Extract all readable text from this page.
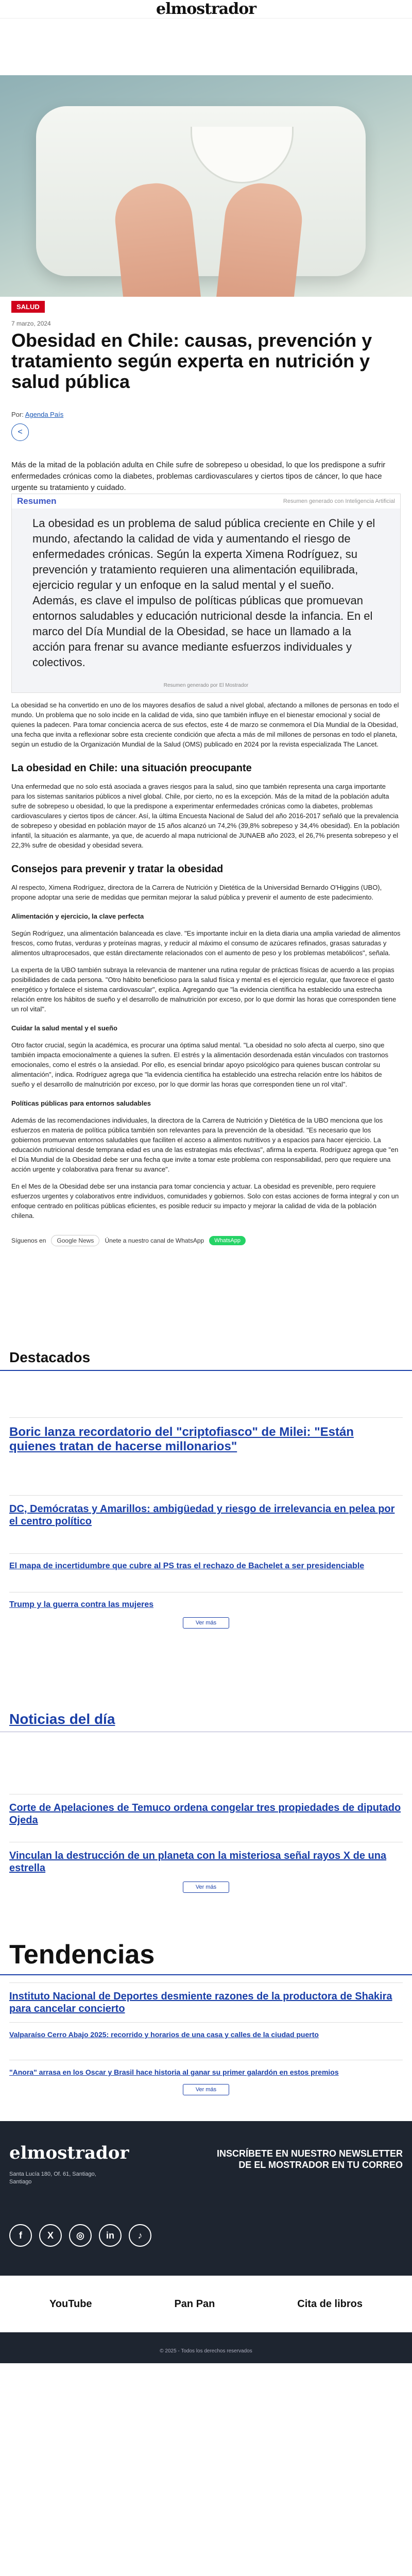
elmostrador
SALUD
7 marzo, 2024
Obesidad en Chile: causas, prevención y tratamiento según experta en nutrición y salud pública
Por: Agenda País
<

Más de la mitad de la población adulta en Chile sufre de sobrepeso u obesidad, lo que los predispone a sufrir enfermedades crónicas como la diabetes, problemas cardiovasculares y ciertos tipos de cáncer, lo que hace urgente su tratamiento y cuidado.

Resumen	Resumen generado con Inteligencia Artificial
La obesidad es un problema de salud pública creciente en Chile y el mundo, afectando la calidad de vida y aumentando el riesgo de enfermedades crónicas. Según la experta Ximena Rodríguez, su prevención y tratamiento requieren una alimentación equilibrada, ejercicio regular y un enfoque en la salud mental y el sueño. Además, es clave el impulso de políticas públicas que promuevan entornos saludables y educación nutricional desde la infancia. En el marco del Día Mundial de la Obesidad, se hace un llamado a la acción para frenar su avance mediante esfuerzos individuales y colectivos.
Resumen generado por El Mostrador

La obesidad se ha convertido en uno de los mayores desafíos de salud a nivel global, afectando a millones de personas en todo el mundo. Un problema que no solo incide en la calidad de vida, sino que también influye en el bienestar emocional y social de quienes la padecen. Para tomar conciencia acerca de sus efectos, este 4 de marzo se conmemora el Día Mundial de la Obesidad, una fecha que invita a reflexionar sobre esta creciente condición que afecta a más de mil millones de personas en todo el planeta, según un estudio de la Organización Mundial de la Salud (OMS) publicado en 2024 por la revista especializada The Lancet.

La obesidad en Chile: una situación preocupante

Una enfermedad que no solo está asociada a graves riesgos para la salud, sino que también representa una carga importante para los sistemas sanitarios públicos a nivel global. Chile, por cierto, no es la excepción. Más de la mitad de la población adulta sufre de sobrepeso u obesidad, lo que la predispone a experimentar enfermedades crónicas como la diabetes, problemas cardiovasculares y ciertos tipos de cáncer. Así, la última Encuesta Nacional de Salud del año 2016-2017 señaló que la prevalencia de sobrepeso y obesidad en población mayor de 15 años alcanzó un 74,2% (39,8% sobrepeso y 34,4% obesidad). En la población infantil, la situación es alarmante, ya que, de acuerdo al mapa nutricional de JUNAEB año 2023, el 26,7% presenta sobrepeso y el 22,3% sufre de obesidad y obesidad severa.

Consejos para prevenir y tratar la obesidad

Al respecto, Ximena Rodríguez, directora de la Carrera de Nutrición y Dietética de la Universidad Bernardo O'Higgins (UBO), propone adoptar una serie de medidas que permitan mejorar la salud pública y prevenir el aumento de este padecimiento.

Alimentación y ejercicio, la clave perfecta

Según Rodríguez, una alimentación balanceada es clave. "Es importante incluir en la dieta diaria una amplia variedad de alimentos frescos, como frutas, verduras y proteínas magras, y reducir al máximo el consumo de azúcares refinados, grasas saturadas y alimentos ultraprocesados, que están directamente relacionados con el aumento de peso y los problemas metabólicos", señala.

La experta de la UBO también subraya la relevancia de mantener una rutina regular de prácticas físicas de acuerdo a las propias posibilidades de cada persona. "Otro hábito beneficioso para la salud física y mental es el ejercicio regular, que favorece el gasto energético y fortalece el sistema cardiovascular", explica. Agregando que "la evidencia científica ha establecido una estrecha relación entre los hábitos de sueño y el desarrollo de malnutrición por exceso, por lo que dormir las horas que corresponden tiene un rol vital".

Cuidar la salud mental y el sueño

Otro factor crucial, según la académica, es procurar una óptima salud mental. "La obesidad no solo afecta al cuerpo, sino que también impacta emocionalmente a quienes la sufren. El estrés y la alimentación desordenada están vinculados con trastornos emocionales, como el estrés o la ansiedad. Por ello, es esencial brindar apoyo psicológico para quienes buscan controlar su alimentación", indica. Rodríguez agrega que "la evidencia científica ha establecido una estrecha relación entre los hábitos de sueño y el desarrollo de malnutrición por exceso, por lo que dormir las horas que corresponden tiene un rol vital".

Políticas públicas para entornos saludables

Además de las recomendaciones individuales, la directora de la Carrera de Nutrición y Dietética de la UBO menciona que los esfuerzos en materia de política pública también son relevantes para la prevención de la obesidad. "Es necesario que los gobiernos promuevan entornos saludables que faciliten el acceso a alimentos nutritivos y a espacios para hacer ejercicio. La educación nutricional desde temprana edad es una de las estrategias más efectivas", afirma la experta. Rodríguez agrega que "en el Día Mundial de la Obesidad debe ser una fecha que invite a tomar este problema con responsabilidad, pero que requiere una acción urgente y colaborativa para frenar su avance".

En el Mes de la Obesidad debe ser una instancia para tomar conciencia y actuar. La obesidad es prevenible, pero requiere esfuerzos urgentes y colaborativos entre individuos, comunidades y gobiernos. Solo con estas acciones de forma integral y con un enfoque centrado en políticas públicas eficientes, es posible reducir su impacto y mejorar la calidad de vida de la población chilena.

Síguenos en	Google News	Únete a nuestro canal de WhatsApp	WhatsApp
Destacados
Boric lanza recordatorio del "criptofiasco" de Milei: "Están quienes tratan de hacerse millonarios"
DC, Demócratas y Amarillos: ambigüedad y riesgo de irrelevancia en pelea por el centro político
El mapa de incertidumbre que cubre al PS tras el rechazo de Bachelet a ser presidenciable
Trump y la guerra contra las mujeres
Ver más
Noticias del día
Corte de Apelaciones de Temuco ordena congelar tres propiedades de diputado Ojeda
Vinculan la destrucción de un planeta con la misteriosa señal rayos X de una estrella
Ver más
Tendencias
Instituto Nacional de Deportes desmiente razones de la productora de Shakira para cancelar concierto
Valparaíso Cerro Abajo 2025: recorrido y horarios de una casa y calles de la ciudad puerto
"Anora" arrasa en los Oscar y Brasil hace historia al ganar su primer galardón en estos premios
Ver más
elmostrador
Santa Lucía 180, Of. 61, Santiago, Santiago
INSCRÍBETE EN NUESTRO NEWSLETTER DE EL MOSTRADOR EN TU CORREO
f	X	◎	in	♪
YouTube	Pan Pan	Cita de libros
© 2025 - Todos los derechos reservados
